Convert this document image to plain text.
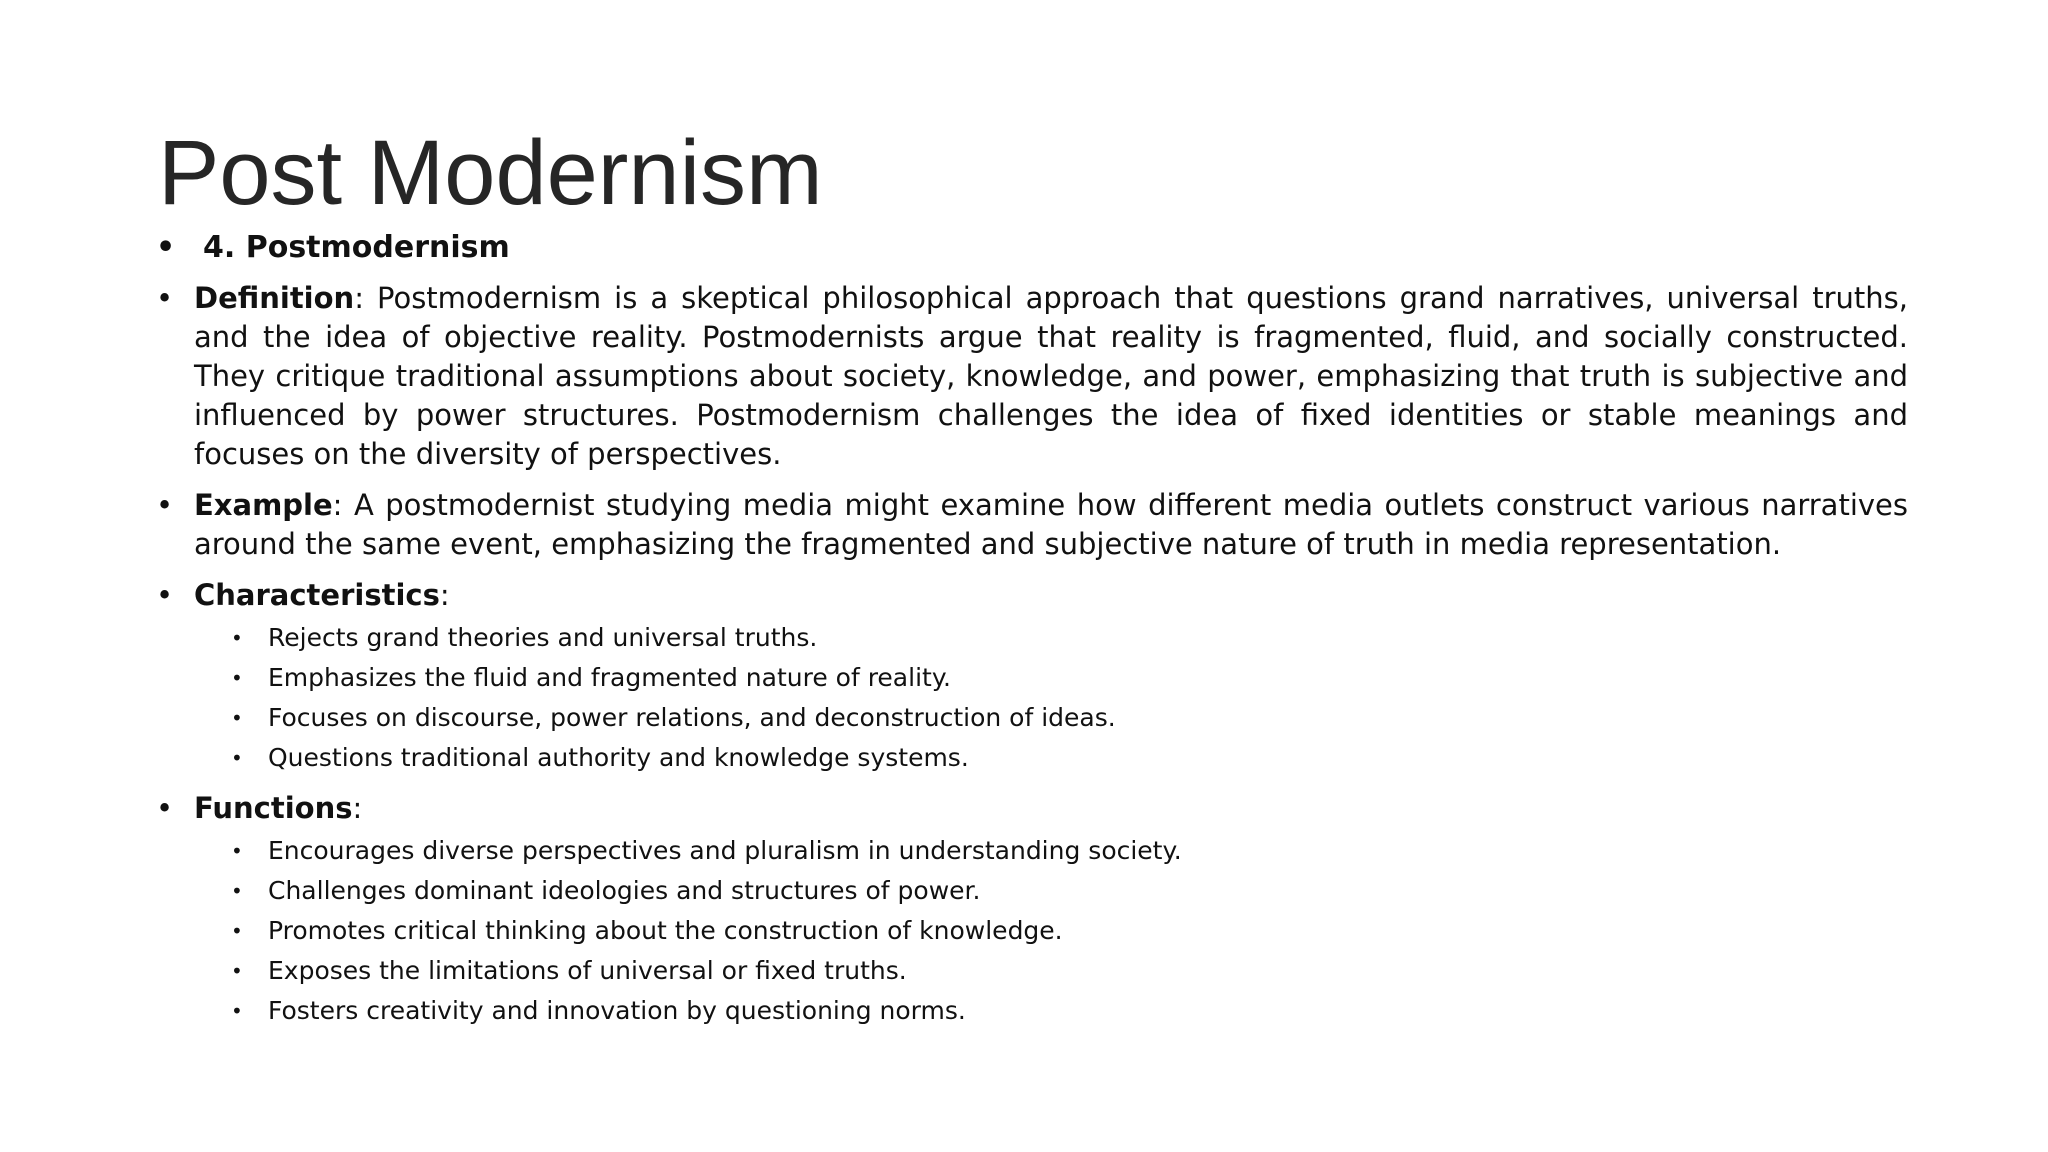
Post Modernism
• 4. Postmodernism
• Definition: Postmodernism is a skeptical philosophical approach that questions grand narratives, universal truths, and the idea of objective reality. Postmodernists argue that reality is fragmented, fluid, and socially constructed. They critique traditional assumptions about society, knowledge, and power, emphasizing that truth is subjective and influenced by power structures. Postmodernism challenges the idea of fixed identities or stable meanings and focuses on the diversity of perspectives.
• Example: A postmodernist studying media might examine how different media outlets construct various narratives around the same event, emphasizing the fragmented and subjective nature of truth in media representation.
• Characteristics:
• Rejects grand theories and universal truths.
• Emphasizes the fluid and fragmented nature of reality.
• Focuses on discourse, power relations, and deconstruction of ideas.
• Questions traditional authority and knowledge systems.
• Functions:
• Encourages diverse perspectives and pluralism in understanding society.
• Challenges dominant ideologies and structures of power.
• Promotes critical thinking about the construction of knowledge.
• Exposes the limitations of universal or fixed truths.
• Fosters creativity and innovation by questioning norms.
